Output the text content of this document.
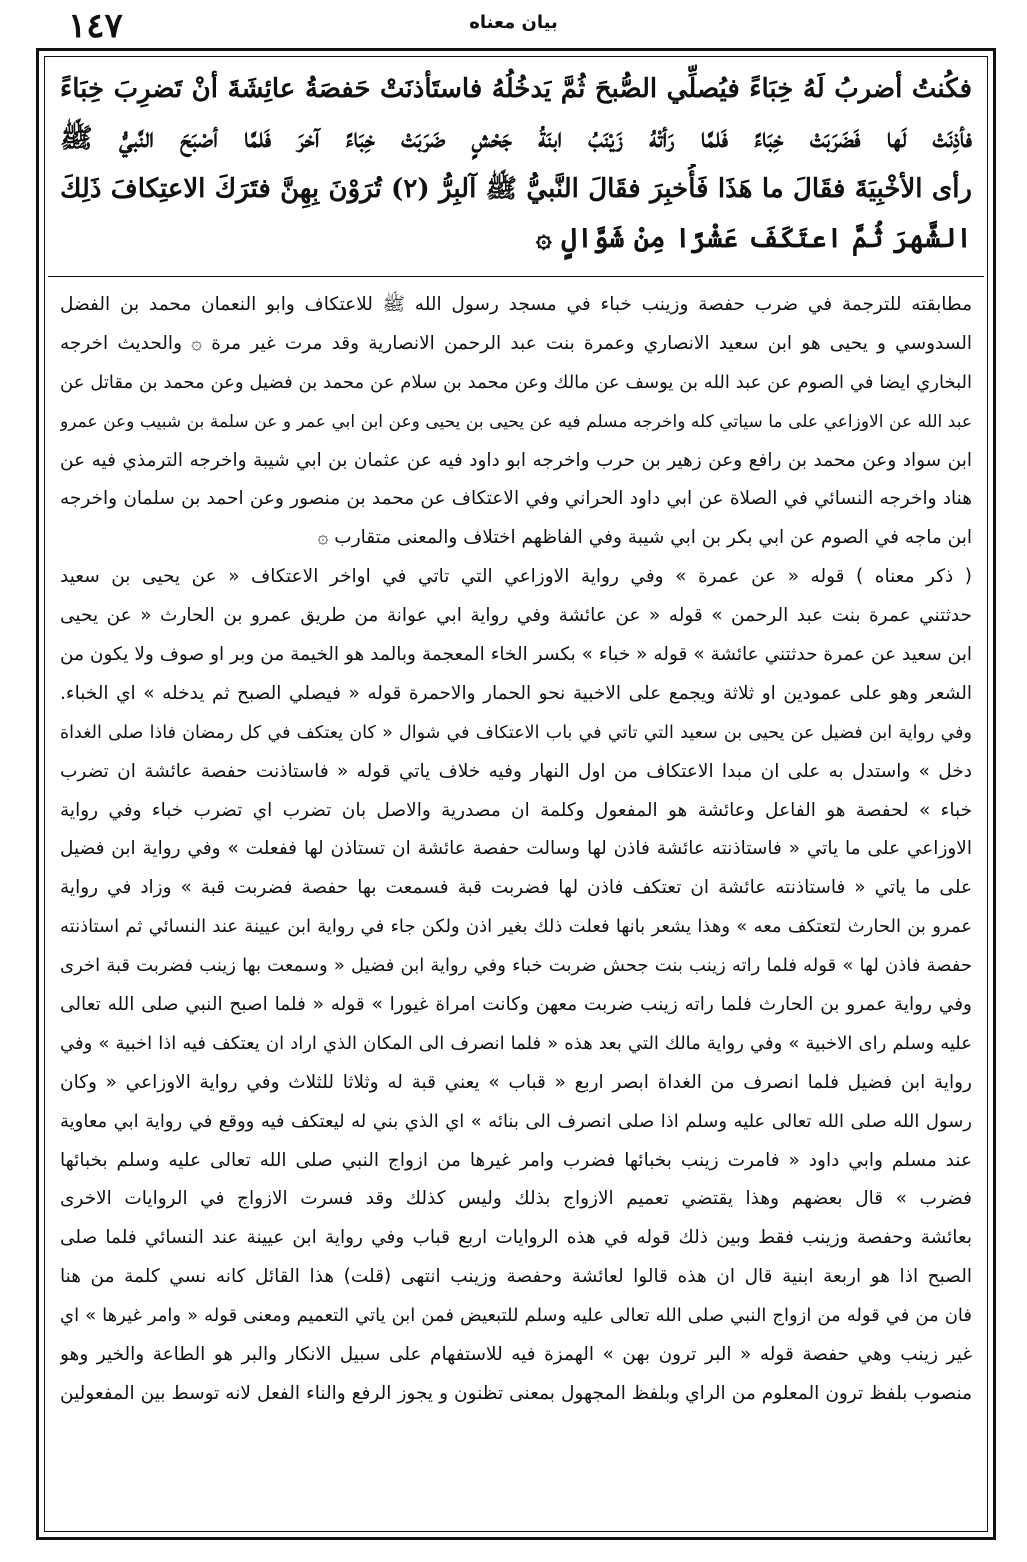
١٤٧	بیان معناه
فكُنتُ أضربُ لَهُ خِبَاءً فيُصلِّي الصُّبحَ ثُمَّ يَدخُلُهُ فاستَأذنَتْ حَفصَةُ عائِشَةَ أنْ تَضرِبَ خِبَاءً
فأذِنَتْ لَها فَضَرَبَتْ خِبَاءً فَلمَّا رَأتْهُ زَيْنَبُ ابنَةُ جَحْشٍ ضَرَبَتْ خِبَاءً آخرَ فَلمَّا أصْبَحَ النَّبيُّ ﷺ
رأى الأخْبِيَةَ فقَالَ ما هَذَا فَأُخبِرَ فقَالَ النَّبيُّ ﷺ آلبِرُّ (٢) تُرَوْنَ بِهِنَّ فتَرَكَ الاعتِكافَ ذَلِكَ
الشَّهرَ ثُمَّ اعتَكَفَ عَشْرًا مِنْ شَوَّالٍ ۞
مطابقته للترجمة في ضرب حفصة وزينب خباء في مسجد رسول الله ﷺ للاعتكاف وابو النعمان محمد بن الفضل
السدوسي و يحيى هو ابن سعيد الانصاري وعمرة بنت عبد الرحمن الانصارية وقد مرت غير مرة ۞ والحديث اخرجه
البخاري ايضا في الصوم عن عبد الله بن يوسف عن مالك وعن محمد بن سلام عن محمد بن فضيل وعن محمد بن مقاتل عن
عبد الله عن الاوزاعي على ما سياتي كله واخرجه مسلم فيه عن يحيى بن يحيى وعن ابن ابي عمر و عن سلمة بن شبيب وعن عمرو
ابن سواد وعن محمد بن رافع وعن زهير بن حرب واخرجه ابو داود فيه عن عثمان بن ابي شيبة واخرجه الترمذي فيه عن
هناد واخرجه النسائي في الصلاة عن ابي داود الحراني وفي الاعتكاف عن محمد بن منصور وعن احمد بن سلمان واخرجه
ابن ماجه في الصوم عن ابي بكر بن ابي شيبة وفي الفاظهم اختلاف والمعنى متقارب ۞
( ذكر معناه ) قوله « عن عمرة » وفي رواية الاوزاعي التي تاتي في اواخر الاعتكاف « عن يحيى بن سعيد
حدثتني عمرة بنت عبد الرحمن » قوله « عن عائشة وفي رواية ابي عوانة من طريق عمرو بن الحارث « عن يحيى
ابن سعيد عن عمرة حدثتني عائشة » قوله « خباء » بكسر الخاء المعجمة وبالمد هو الخيمة من وبر او صوف ولا يكون من
الشعر وهو على عمودين او ثلاثة ويجمع على الاخبية نحو الحمار والاحمرة قوله « فيصلي الصبح ثم يدخله » اي الخباء.
وفي رواية ابن فضيل عن يحيى بن سعيد التي تاتي في باب الاعتكاف في شوال « كان يعتكف في كل رمضان فاذا صلى الغداة
دخل » واستدل به على ان مبدا الاعتكاف من اول النهار وفيه خلاف ياتي قوله « فاستاذنت حفصة عائشة ان تضرب
خباء » لحفصة هو الفاعل وعائشة هو المفعول وكلمة ان مصدرية والاصل بان تضرب اي تضرب خباء وفي رواية
الاوزاعي على ما ياتي « فاستاذنته عائشة فاذن لها وسالت حفصة عائشة ان تستاذن لها ففعلت » وفي رواية ابن فضيل
على ما ياتي « فاستاذنته عائشة ان تعتكف فاذن لها فضربت قبة فسمعت بها حفصة فضربت قبة » وزاد في رواية
عمرو بن الحارث لتعتكف معه » وهذا يشعر بانها فعلت ذلك بغير اذن ولكن جاء في رواية ابن عيينة عند النسائي ثم استاذنته
حفصة فاذن لها » قوله فلما راته زينب بنت جحش ضربت خباء وفي رواية ابن فضيل « وسمعت بها زينب فضربت قبة اخرى
وفي رواية عمرو بن الحارث فلما راته زينب ضربت معهن وكانت امراة غيورا » قوله « فلما اصبح النبي صلى الله تعالى
عليه وسلم راى الاخبية » وفي رواية مالك التي بعد هذه « فلما انصرف الى المكان الذي اراد ان يعتكف فيه اذا اخبية » وفي
رواية ابن فضيل فلما انصرف من الغداة ابصر اربع « قباب » يعني قبة له وثلاثا للثلاث وفي رواية الاوزاعي « وكان
رسول الله صلى الله تعالى عليه وسلم اذا صلى انصرف الى بنائه » اي الذي بني له ليعتكف فيه ووقع في رواية ابي معاوية
عند مسلم وابي داود « فامرت زينب بخبائها فضرب وامر غيرها من ازواج النبي صلى الله تعالى عليه وسلم بخبائها
فضرب » قال بعضهم وهذا يقتضي تعميم الازواج بذلك وليس كذلك وقد فسرت الازواج في الروايات الاخرى
بعائشة وحفصة وزينب فقط وبين ذلك قوله في هذه الروايات اربع قباب وفي رواية ابن عيينة عند النسائي فلما صلى
الصبح اذا هو اربعة ابنية قال ان هذه قالوا لعائشة وحفصة وزينب انتهى (قلت) هذا القائل كانه نسي كلمة من هنا
فان من في قوله من ازواج النبي صلى الله تعالى عليه وسلم للتبعيض فمن ابن ياتي التعميم ومعنى قوله « وامر غيرها » اي
غير زينب وهي حفصة قوله « البر ترون بهن » الهمزة فيه للاستفهام على سبيل الانكار والبر هو الطاعة والخير وهو
منصوب بلفظ ترون المعلوم من الراي وبلفظ المجهول بمعنى تظنون و يجوز الرفع والناء الفعل لانه توسط بين المفعولين
